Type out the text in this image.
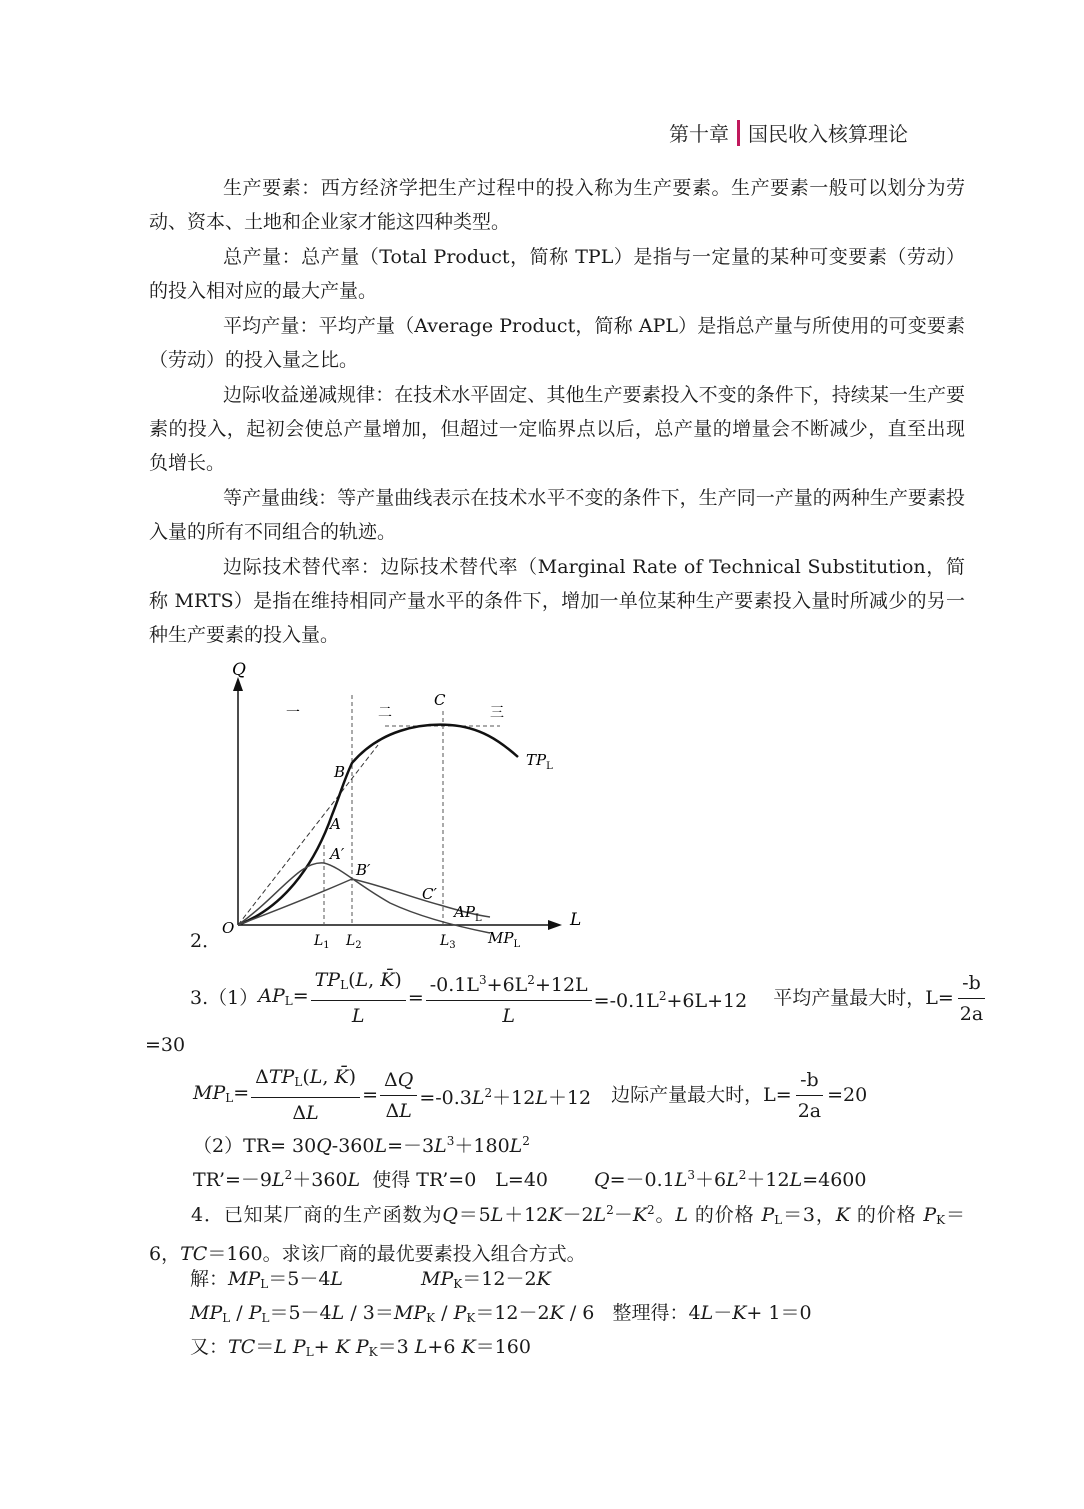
第十章 国民收入核算理论
生产要素：西方经济学把生产过程中的投入称为生产要素。生产要素一般可以划分为劳动、资本、土地和企业家才能这四种类型。
总产量：总产量（Total Product，简称 TPL）是指与一定量的某种可变要素（劳动）的投入相对应的最大产量。
平均产量：平均产量（Average Product，简称 APL）是指总产量与所使用的可变要素（劳动）的投入量之比。
边际收益递减规律：在技术水平固定、其他生产要素投入不变的条件下，持续某一生产要素的投入，起初会使总产量增加，但超过一定临界点以后，总产量的增量会不断减少，直至出现负增长。
等产量曲线：等产量曲线表示在技术水平不变的条件下，生产同一产量的两种生产要素投入量的所有不同组合的轨迹。
边际技术替代率：边际技术替代率（Marginal Rate of Technical Substitution，简称 MRTS）是指在维持相同产量水平的条件下，增加一单位某种生产要素投入量时所减少的另一种生产要素的投入量。
Q
L
O
一	二	三
C
B
A
A′
B′
C′
$TP_L$
$AP_L$
$MP_L$
$L_1$ $L_2$	$L_3$
2．
3.（1） $AP_L= \frac{TP_L(L, K̄)}{L} = \frac{-0.1L^3+6L^2+12L}{L} =-0.1L^2+6L+12$ 平均产量最大时，$L= \frac{-b}{2a}$
=30
$MP_L= \frac{\Delta TP_L(L, K̄)}{\Delta L} = \frac{\Delta Q}{\Delta L} =-0.3L^2+12L+12$ 边际产量最大时，$L= \frac{-b}{2a} =20$
$(2)TR= 30Q-360L=-3L^3+180L^2$
$TR’=-9L^2+360L$ 使得 TR’=0　L=40 $Q=-0.1L^3+6L^2+12L=4600$
4．已知某厂商的生产函数为$Q=5L+12K-2L^2-K^2$。L 的价格 $P_L=3$，K 的价格 $P_K=6$，TC＝160。求该厂商的最优要素投入组合方式。
解：$MP_L=5-4L$	$MP_K=12-2K$
$MP_L / P_L=5-4L / 3=MP_K / P_K=12-2K / 6$   整理得：4L－K+ 1＝0
又：TC＝L $P_L+ K$ $P_K=3$ L+6 K＝160
